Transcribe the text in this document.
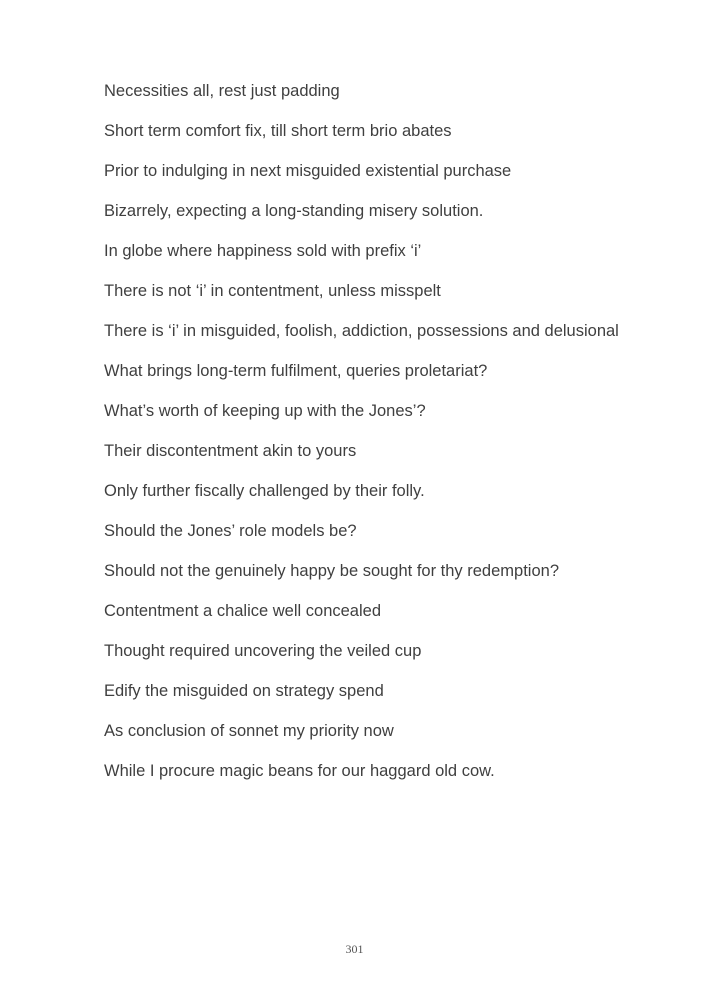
Necessities all, rest just padding
Short term comfort fix, till short term brio abates
Prior to indulging in next misguided existential purchase
Bizarrely, expecting a long-standing misery solution.
In globe where happiness sold with prefix ‘i’
There is not ‘i’ in contentment, unless misspelt
There is ‘i’ in misguided, foolish, addiction, possessions and delusional
What brings long-term fulfilment, queries proletariat?
What’s worth of keeping up with the Jones’?
Their discontentment akin to yours
Only further fiscally challenged by their folly.
Should the Jones’ role models be?
Should not the genuinely happy be sought for thy redemption?
Contentment a chalice well concealed
Thought required uncovering the veiled cup
Edify the misguided on strategy spend
As conclusion of sonnet my priority now
While I procure magic beans for our haggard old cow.
301
